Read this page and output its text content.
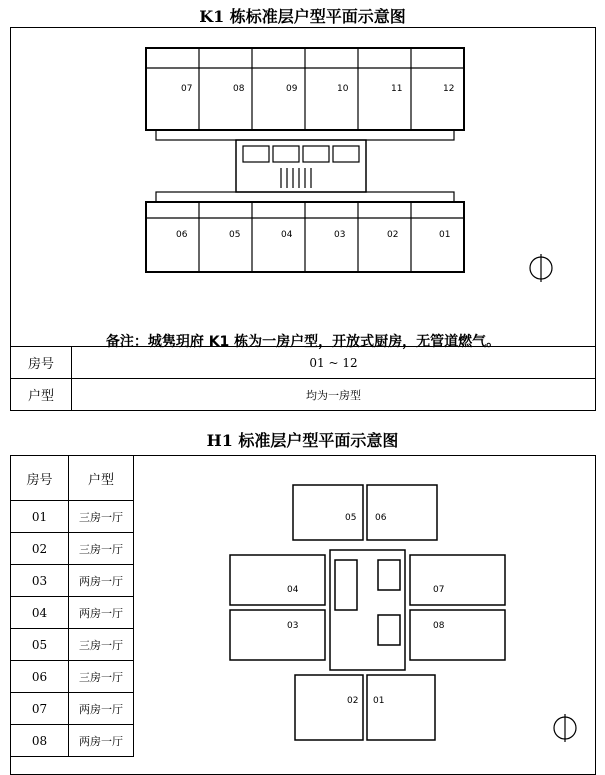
K1 栋标准层户型平面示意图
07	08	09	10	11	12
06	05	04	03	02	01
备注：城隽玥府 K1 栋为一房户型，开放式厨房，无管道燃气。
房号	01 ~ 12
户型	均为一房型
H1 标准层户型平面示意图
房号	户型
01	三房一厅
02	三房一厅
03	两房一厅
04	两房一厅
05	三房一厅
06	三房一厅
07	两房一厅
08	两房一厅
05 06
04	07
03	08
02 01
